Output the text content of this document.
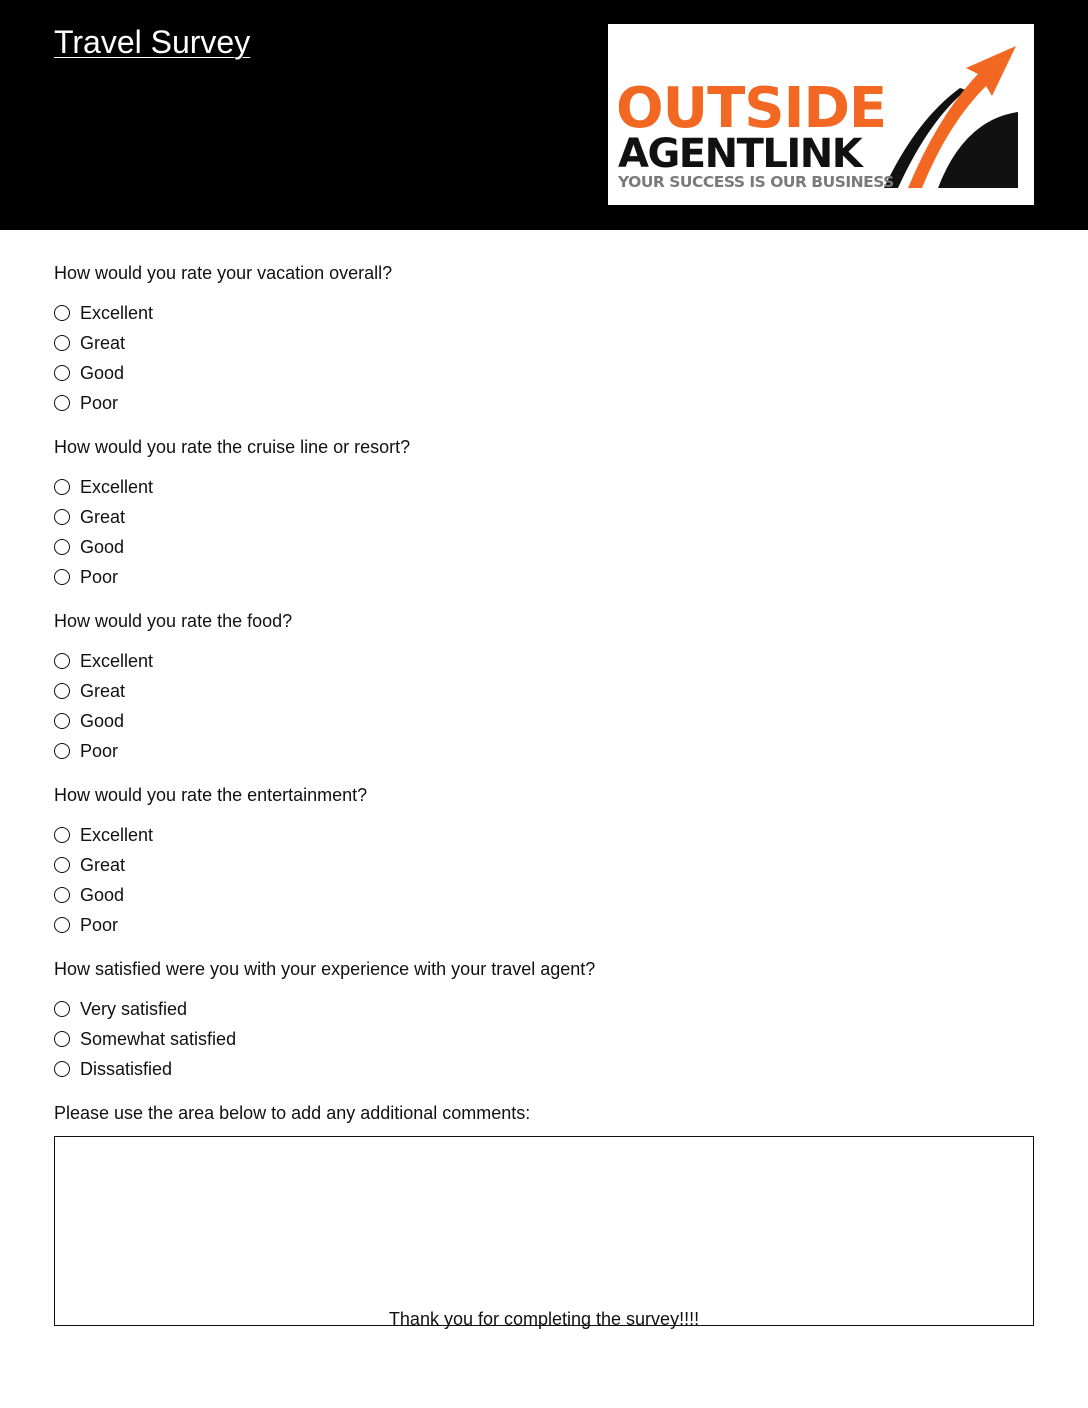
Travel Survey
OUTSIDE
AGENTLINK
YOUR SUCCESS IS OUR BUSINESS
How would you rate your vacation overall?
Excellent
Great
Good
Poor
How would you rate the cruise line or resort?
Excellent
Great
Good
Poor
How would you rate the food?
Excellent
Great
Good
Poor
How would you rate the entertainment?
Excellent
Great
Good
Poor
How satisfied were you with your experience with your travel agent?
Very satisfied
Somewhat satisfied
Dissatisfied
Please use the area below to add any additional comments:
Thank you for completing the survey!!!!
